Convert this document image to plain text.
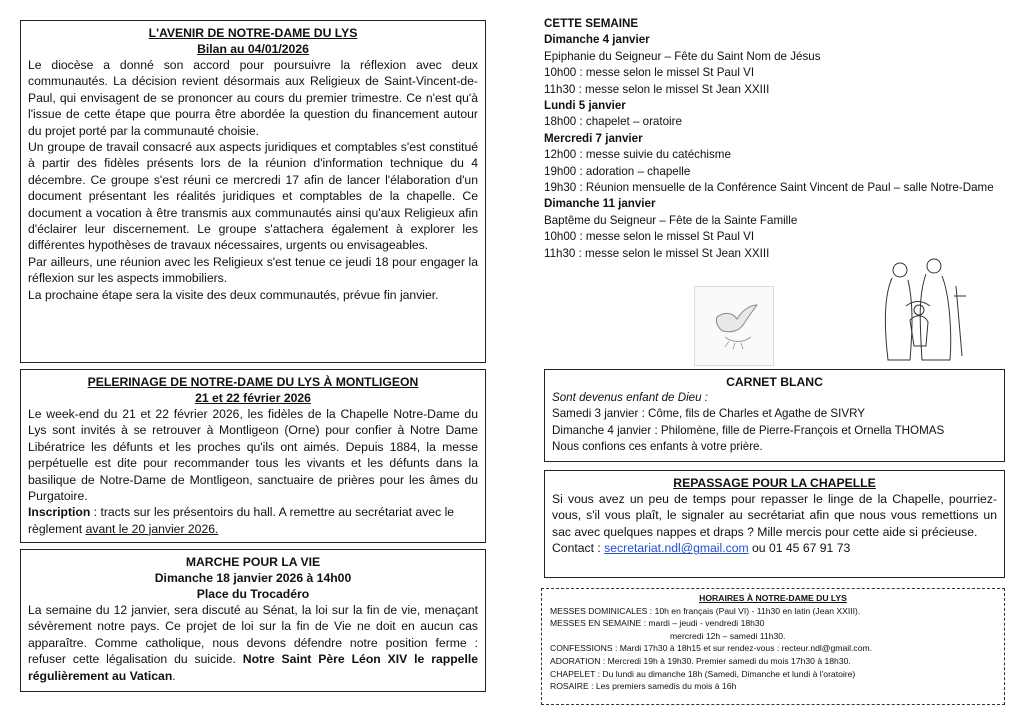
L'AVENIR DE NOTRE-DAME DU LYS
Bilan au 04/01/2026

Le diocèse a donné son accord pour poursuivre la réflexion avec deux communautés. La décision revient désormais aux Religieux de Saint-Vincent-de-Paul, qui envisagent de se prononcer au cours du premier trimestre. Ce n'est qu'à l'issue de cette étape que pourra être abordée la question du financement autour du projet porté par la communauté choisie.

Un groupe de travail consacré aux aspects juridiques et comptables s'est constitué à partir des fidèles présents lors de la réunion d'information technique du 4 décembre. Ce groupe s'est réuni ce mercredi 17 afin de lancer l'élaboration d'un document présentant les réalités juridiques et comptables de la chapelle. Ce document a vocation à être transmis aux communautés ainsi qu'aux Religieux afin d'éclairer leur discernement. Le groupe s'attachera également à explorer les différentes hypothèses de travaux nécessaires, urgents ou envisageables.

Par ailleurs, une réunion avec les Religieux s'est tenue ce jeudi 18 pour engager la réflexion sur les aspects immobiliers.

La prochaine étape sera la visite des deux communautés, prévue fin janvier.

PELERINAGE DE NOTRE-DAME DU LYS À MONTLIGEON
21 et 22 février 2026

Le week-end du 21 et 22 février 2026, les fidèles de la Chapelle Notre-Dame du Lys sont invités à se retrouver à Montligeon (Orne) pour confier à Notre Dame Libératrice les défunts et les proches qu'ils ont aimés. Depuis 1884, la messe perpétuelle est dite pour recommander tous les vivants et les défunts dans la basilique de Notre-Dame de Montligeon, sanctuaire de prières pour les âmes du Purgatoire.

Inscription : tracts sur les présentoirs du hall. A remettre au secrétariat avec le règlement avant le 20 janvier 2026.

MARCHE POUR LA VIE
Dimanche 18 janvier 2026 à 14h00
Place du Trocadéro

La semaine du 12 janvier, sera discuté au Sénat, la loi sur la fin de vie, menaçant sévèrement notre pays. Ce projet de loi sur la fin de Vie ne doit en aucun cas apparaître. Comme catholique, nous devons défendre notre position ferme : refuser cette légalisation du suicide. Notre Saint Père Léon XIV le rappelle régulièrement au Vatican.

CETTE SEMAINE
Dimanche 4 janvier
Epiphanie du Seigneur – Fête du Saint Nom de Jésus
10h00 : messe selon le missel St Paul VI
11h30 : messe selon le missel St Jean XXIII
Lundi 5 janvier
18h00 : chapelet – oratoire
Mercredi 7 janvier
12h00 : messe suivie du catéchisme
19h00 : adoration – chapelle
19h30 : Réunion mensuelle de la Conférence Saint Vincent de Paul – salle Notre-Dame
Dimanche 11 janvier
Baptême du Seigneur – Fête de la Sainte Famille
10h00 : messe selon le missel St Paul VI
11h30 : messe selon le missel St Jean XXIII
CARNET BLANC

Sont devenus enfant de Dieu :

Samedi 3 janvier : Côme, fils de Charles et Agathe de SIVRY

Dimanche 4 janvier : Philomène, fille de Pierre-François et Ornella THOMAS

Nous confions ces enfants à votre prière.

REPASSAGE POUR LA CHAPELLE

Si vous avez un peu de temps pour repasser le linge de la Chapelle, pourriez-vous, s'il vous plaît, le signaler au secrétariat afin que nous vous remettions un sac avec quelques nappes et draps ? Mille mercis pour cette aide si précieuse.

Contact : secretariat.ndl@gmail.com ou 01 45 67 91 73

HORAIRES À NOTRE-DAME DU LYS
MESSES DOMINICALES : 10h en français (Paul VI) - 11h30 en latin (Jean XXIII).
MESSES EN SEMAINE : mardi – jeudi - vendredi 18h30
mercredi 12h – samedi 11h30.
CONFESSIONS : Mardi 17h30 à 18h15 et sur rendez-vous : recteur.ndl@gmail.com.
ADORATION : Mercredi 19h à 19h30. Premier samedi du mois 17h30 à 18h30.
CHAPELET : Du lundi au dimanche 18h (Samedi, Dimanche et lundi à l'oratoire)
ROSAIRE : Les premiers samedis du mois à 16h
